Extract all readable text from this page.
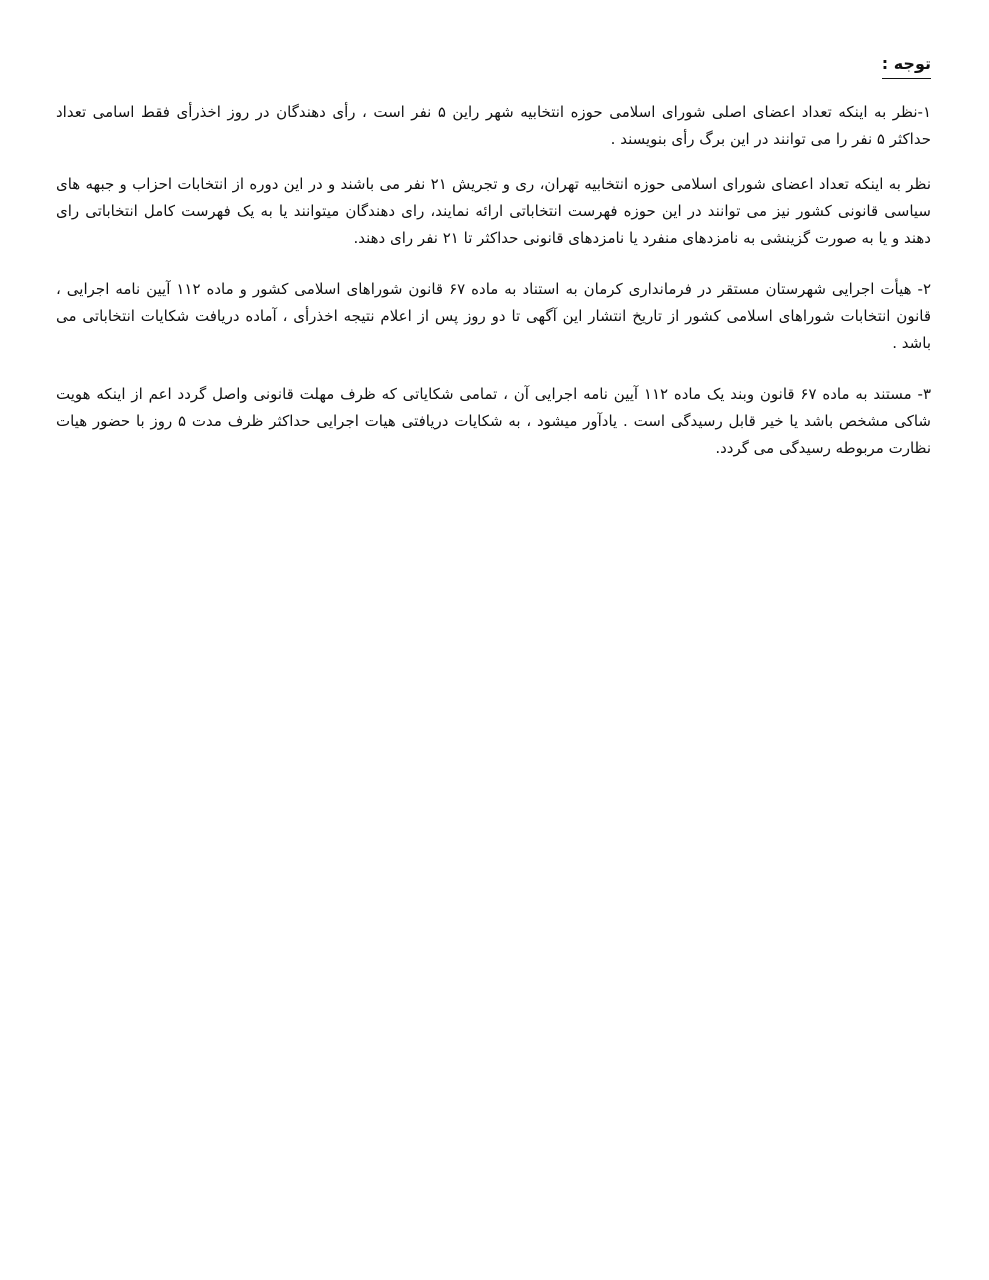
توجه :

۱-نظر به اینکه تعداد اعضای اصلی شورای اسلامی حوزه انتخابیه شهر راین ۵ نفر است ، رأی دهندگان در روز اخذرأی فقط اسامی تعداد حداکثر ۵ نفر را می توانند در این برگ رأی بنویسند .

نظر به اینکه تعداد اعضای شورای اسلامی حوزه انتخابیه تهران، ری و تجریش ۲۱ نفر می باشند و در این دوره از انتخابات احزاب و جبهه های سیاسی قانونی کشور نیز می توانند در این حوزه فهرست انتخاباتی ارائه نمایند، رای دهندگان میتوانند یا به یک فهرست کامل انتخاباتی رای دهند و یا به صورت گزینشی به نامزدهای منفرد یا نامزدهای قانونی حداکثر تا ۲۱ نفر رای دهند.

۲- هیأت اجرایی شهرستان مستقر در فرمانداری کرمان به استناد به ماده ۶۷ قانون شوراهای اسلامی کشور و ماده ۱۱۲ آیین نامه اجرایی ، قانون انتخابات شوراهای اسلامی کشور از تاریخ انتشار این آگهی تا دو روز پس از اعلام نتیجه اخذرأی ، آماده دریافت شکایات انتخاباتی می باشد .

۳- مستند به ماده ۶۷ قانون وبند یک ماده ۱۱۲ آیین نامه اجرایی آن ، تمامی شکایاتی که ظرف مهلت قانونی واصل گردد اعم از اینکه هویت شاکی مشخص باشد یا خیر قابل رسیدگی است . یادآور میشود ، به شکایات دریافتی هیات اجرایی حداکثر ظرف مدت ۵ روز با حضور هیات نظارت مربوطه رسیدگی می گردد.
